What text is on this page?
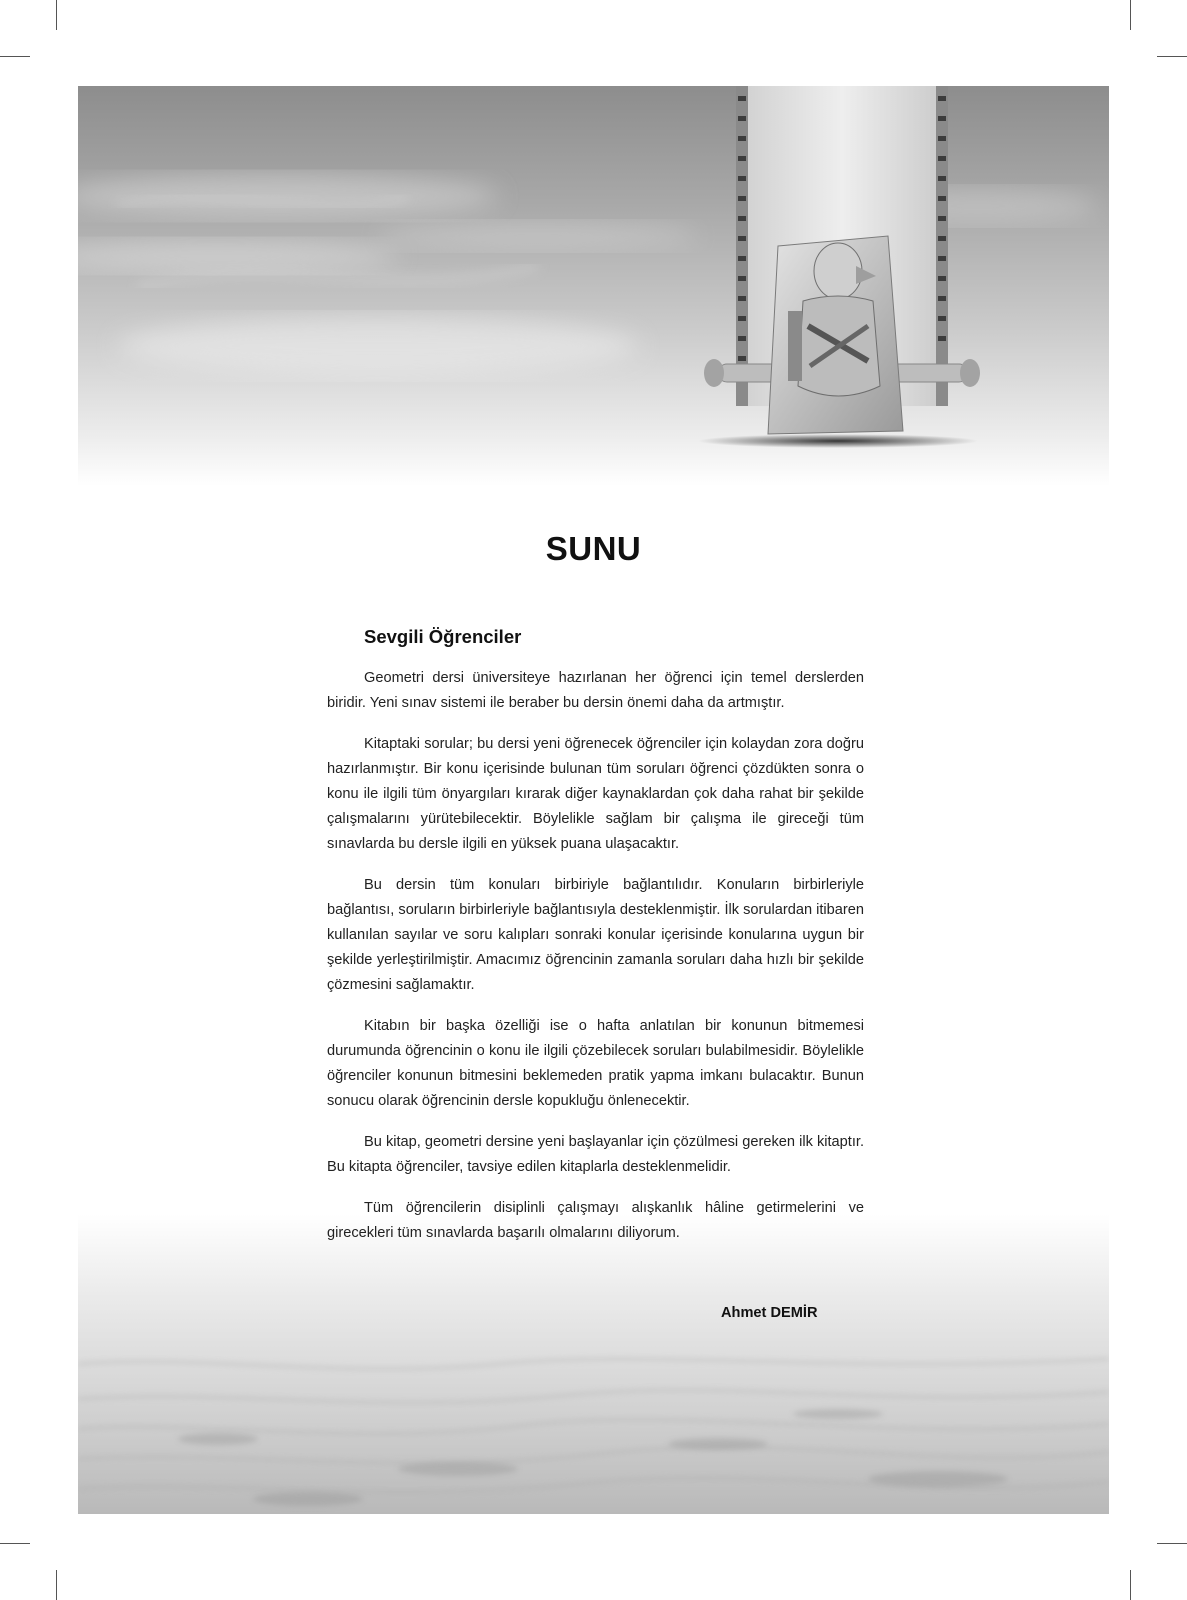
SUNU
Sevgili Öğrenciler

Geometri dersi üniversiteye hazırlanan her öğrenci için temel derslerden biridir. Yeni sınav sistemi ile beraber bu dersin önemi daha da artmıştır.

Kitaptaki sorular; bu dersi yeni öğrenecek öğrenciler için kolaydan zora doğru hazırlanmıştır. Bir konu içerisinde bulunan tüm soruları öğrenci çözdükten sonra o konu ile ilgili tüm önyargıları kırarak diğer kaynaklardan çok daha rahat bir şekilde çalışmalarını yürütebilecektir. Böylelikle sağlam bir çalışma ile gireceği tüm sınavlarda bu dersle ilgili en yüksek puana ulaşacaktır.

Bu dersin tüm konuları birbiriyle bağlantılıdır. Konuların birbirleriyle bağlantısı, soruların birbirleriyle bağlantısıyla desteklenmiştir. İlk sorulardan itibaren kullanılan sayılar ve soru kalıpları sonraki konular içerisinde konularına uygun bir şekilde yerleştirilmiştir. Amacımız öğrencinin zamanla soruları daha hızlı bir şekilde çözmesini sağlamaktır.

Kitabın bir başka özelliği ise o hafta anlatılan bir konunun bitmemesi durumunda öğrencinin o konu ile ilgili çözebilecek soruları bulabilmesidir. Böylelikle öğrenciler konunun bitmesini beklemeden pratik yapma imkanı bulacaktır. Bunun sonucu olarak öğrencinin dersle kopukluğu önlenecektir.

Bu kitap, geometri dersine yeni başlayanlar için çözülmesi gereken ilk kitaptır. Bu kitapta öğrenciler, tavsiye edilen kitaplarla desteklenmelidir.

Tüm öğrencilerin disiplinli çalışmayı alışkanlık hâline getirmelerini ve girecekleri tüm sınavlarda başarılı olmalarını diliyorum.

Ahmet DEMİR
